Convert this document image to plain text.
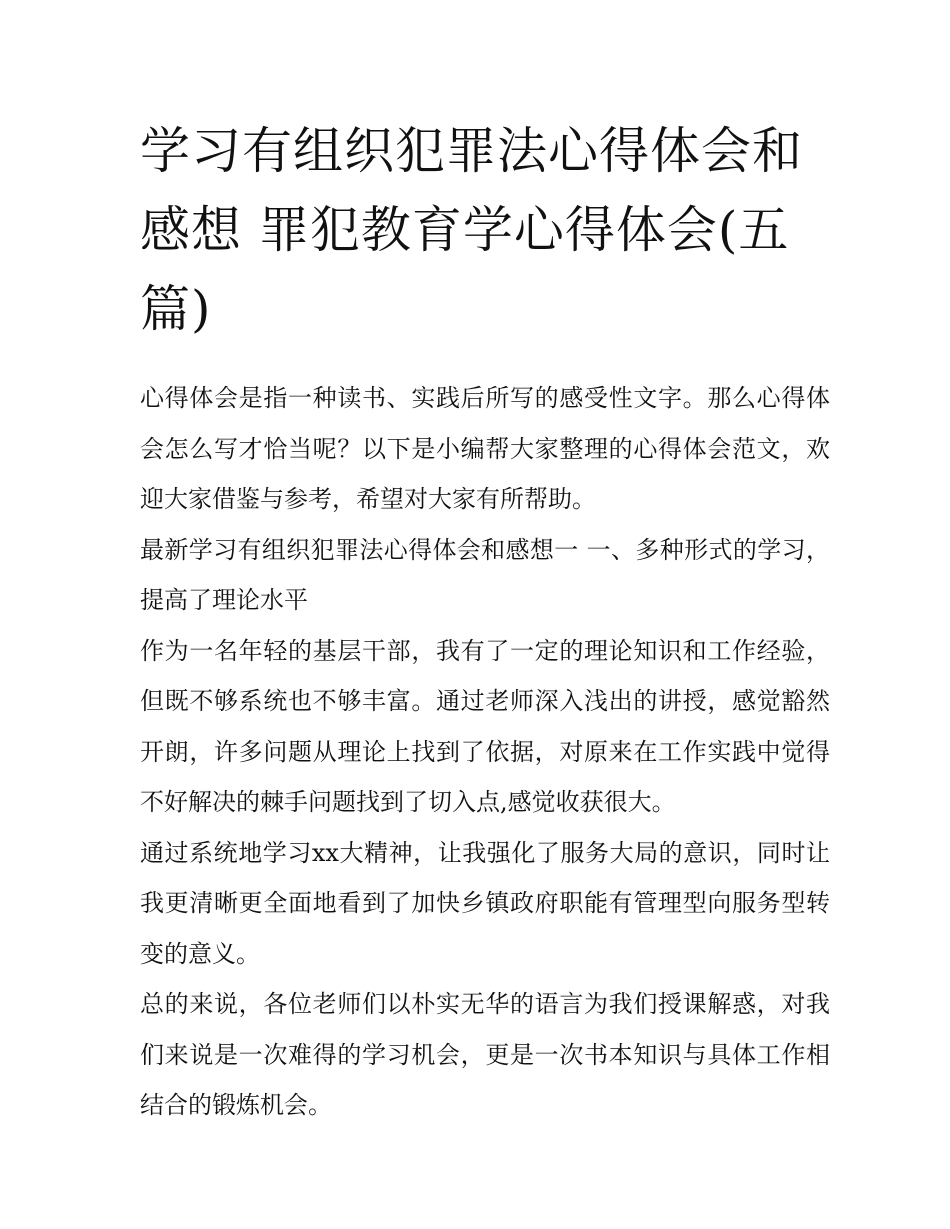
学习有组织犯罪法心得体会和感想 罪犯教育学心得体会(五篇)

心得体会是指一种读书、实践后所写的感受性文字。那么心得体会怎么写才恰当呢？以下是小编帮大家整理的心得体会范文，欢迎大家借鉴与参考，希望对大家有所帮助。

最新学习有组织犯罪法心得体会和感想一 一、多种形式的学习，提高了理论水平

作为一名年轻的基层干部，我有了一定的理论知识和工作经验，但既不够系统也不够丰富。通过老师深入浅出的讲授，感觉豁然开朗，许多问题从理论上找到了依据，对原来在工作实践中觉得不好解决的棘手问题找到了切入点,感觉收获很大。

通过系统地学习xx大精神，让我强化了服务大局的意识，同时让我更清晰更全面地看到了加快乡镇政府职能有管理型向服务型转变的意义。

总的来说，各位老师们以朴实无华的语言为我们授课解惑，对我们来说是一次难得的学习机会，更是一次书本知识与具体工作相结合的锻炼机会。
